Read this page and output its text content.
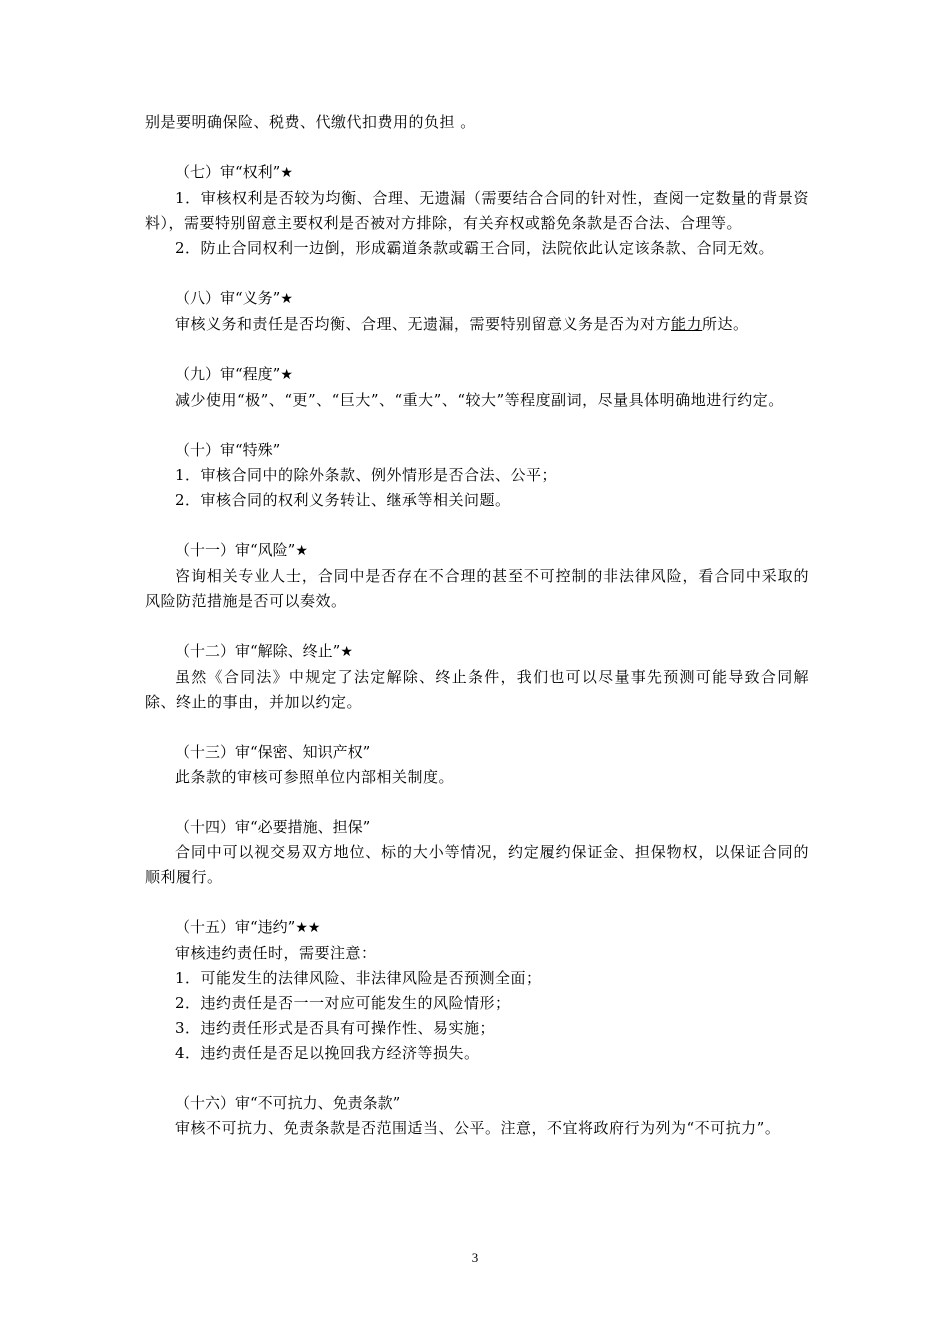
别是要明确保险、税费、代缴代扣费用的负担 。

（七）审“权利”★

1．审核权利是否较为均衡、合理、无遗漏（需要结合合同的针对性，查阅一定数量的背景资料），需要特别留意主要权利是否被对方排除，有关弃权或豁免条款是否合法、合理等。

2．防止合同权利一边倒，形成霸道条款或霸王合同，法院依此认定该条款、合同无效。

（八）审“义务”★

审核义务和责任是否均衡、合理、无遗漏，需要特别留意义务是否为对方能力所达。

（九）审“程度”★

减少使用“极”、“更”、“巨大”、“重大”、“较大”等程度副词，尽量具体明确地进行约定。

（十）审“特殊”

1．审核合同中的除外条款、例外情形是否合法、公平；

2．审核合同的权利义务转让、继承等相关问题。

（十一）审“风险”★

咨询相关专业人士，合同中是否存在不合理的甚至不可控制的非法律风险，看合同中采取的风险防范措施是否可以奏效。

（十二）审“解除、终止”★

虽然《合同法》中规定了法定解除、终止条件，我们也可以尽量事先预测可能导致合同解除、终止的事由，并加以约定。

（十三）审“保密、知识产权”

此条款的审核可参照单位内部相关制度。

（十四）审“必要措施、担保”

合同中可以视交易双方地位、标的大小等情况，约定履约保证金、担保物权，以保证合同的顺利履行。

（十五）审“违约”★★

审核违约责任时，需要注意：

1．可能发生的法律风险、非法律风险是否预测全面；

2．违约责任是否一一对应可能发生的风险情形；

3．违约责任形式是否具有可操作性、易实施；

4．违约责任是否足以挽回我方经济等损失。

（十六）审“不可抗力、免责条款”

审核不可抗力、免责条款是否范围适当、公平。注意，不宜将政府行为列为“不可抗力”。

3
